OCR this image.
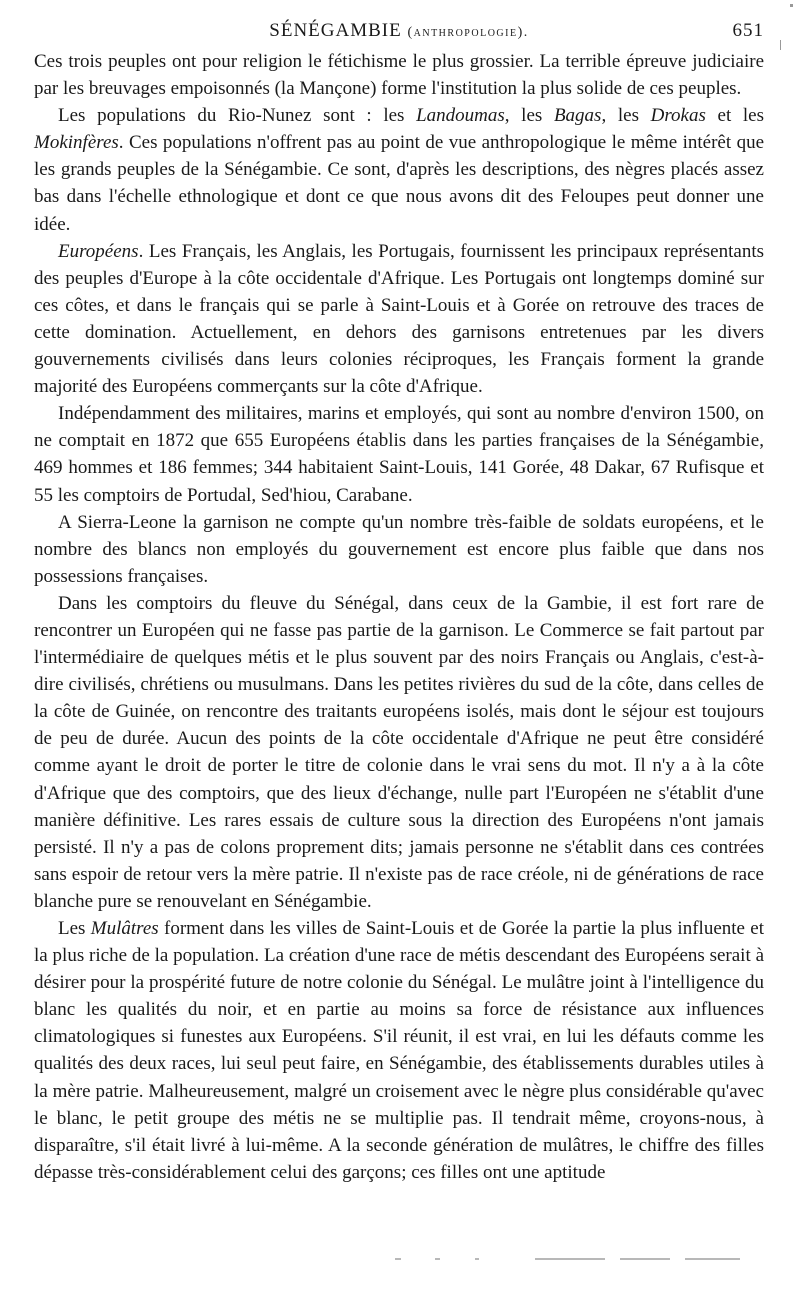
SÉNÉGAMBIE (anthropologie).	651

Ces trois peuples ont pour religion le fétichisme le plus grossier. La terrible épreuve judiciaire par les breuvages empoisonnés (la Mançone) forme l'institution la plus solide de ces peuples.

Les populations du Rio-Nunez sont : les Landoumas, les Bagas, les Drokas et les Mokinfères. Ces populations n'offrent pas au point de vue anthropologique le même intérêt que les grands peuples de la Sénégambie. Ce sont, d'après les descriptions, des nègres placés assez bas dans l'échelle ethnologique et dont ce que nous avons dit des Feloupes peut donner une idée.

Européens. Les Français, les Anglais, les Portugais, fournissent les principaux représentants des peuples d'Europe à la côte occidentale d'Afrique. Les Portugais ont longtemps dominé sur ces côtes, et dans le français qui se parle à Saint-Louis et à Gorée on retrouve des traces de cette domination. Actuellement, en dehors des garnisons entretenues par les divers gouvernements civilisés dans leurs colonies réciproques, les Français forment la grande majorité des Européens commerçants sur la côte d'Afrique.

Indépendamment des militaires, marins et employés, qui sont au nombre d'environ 1500, on ne comptait en 1872 que 655 Européens établis dans les parties françaises de la Sénégambie, 469 hommes et 186 femmes; 344 habitaient Saint-Louis, 141 Gorée, 48 Dakar, 67 Rufisque et 55 les comptoirs de Portudal, Sed'hiou, Carabane.

A Sierra-Leone la garnison ne compte qu'un nombre très-faible de soldats européens, et le nombre des blancs non employés du gouvernement est encore plus faible que dans nos possessions françaises.

Dans les comptoirs du fleuve du Sénégal, dans ceux de la Gambie, il est fort rare de rencontrer un Européen qui ne fasse pas partie de la garnison. Le Commerce se fait partout par l'intermédiaire de quelques métis et le plus souvent par des noirs Français ou Anglais, c'est-à-dire civilisés, chrétiens ou musulmans. Dans les petites rivières du sud de la côte, dans celles de la côte de Guinée, on rencontre des traitants européens isolés, mais dont le séjour est toujours de peu de durée. Aucun des points de la côte occidentale d'Afrique ne peut être considéré comme ayant le droit de porter le titre de colonie dans le vrai sens du mot. Il n'y a à la côte d'Afrique que des comptoirs, que des lieux d'échange, nulle part l'Européen ne s'établit d'une manière définitive. Les rares essais de culture sous la direction des Européens n'ont jamais persisté. Il n'y a pas de colons proprement dits; jamais personne ne s'établit dans ces contrées sans espoir de retour vers la mère patrie. Il n'existe pas de race créole, ni de générations de race blanche pure se renouvelant en Sénégambie.

Les Mulâtres forment dans les villes de Saint-Louis et de Gorée la partie la plus influente et la plus riche de la population. La création d'une race de métis descendant des Européens serait à désirer pour la prospérité future de notre colonie du Sénégal. Le mulâtre joint à l'intelligence du blanc les qualités du noir, et en partie au moins sa force de résistance aux influences climatologiques si funestes aux Européens. S'il réunit, il est vrai, en lui les défauts comme les qualités des deux races, lui seul peut faire, en Sénégambie, des établissements durables utiles à la mère patrie. Malheureusement, malgré un croisement avec le nègre plus considérable qu'avec le blanc, le petit groupe des métis ne se multiplie pas. Il tendrait même, croyons-nous, à disparaître, s'il était livré à lui-même. A la seconde génération de mulâtres, le chiffre des filles dépasse très-considérablement celui des garçons; ces filles ont une aptitude
